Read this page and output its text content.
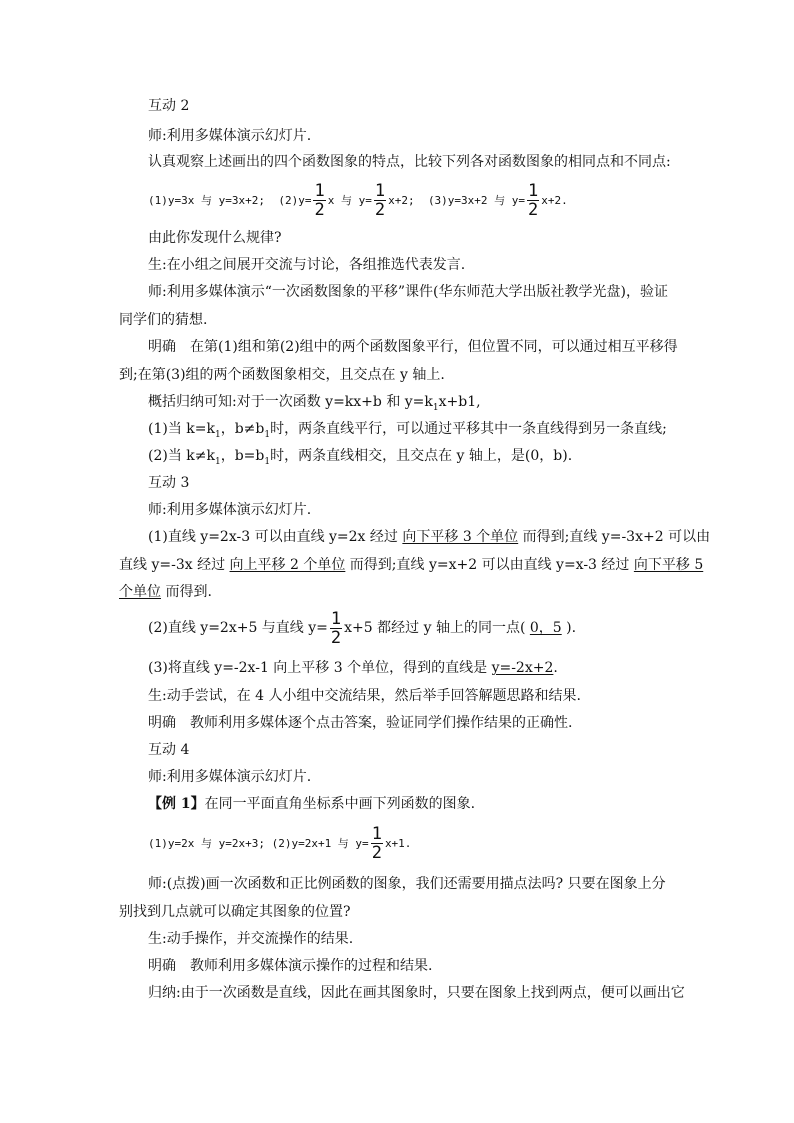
互动 2
师:利用多媒体演示幻灯片.
认真观察上述画出的四个函数图象的特点，比较下列各对函数图象的相同点和不同点:
(1)y=3x 与 y=3x+2; $(2)y= \frac{1}{2}$ x 与 $y= \frac{1}{2} x+2$; (3)y=3x+2 与 $y= \frac{1}{2} x+2$.
由此你发现什么规律?
生:在小组之间展开交流与讨论，各组推选代表发言.
师:利用多媒体演示“一次函数图象的平移”课件(华东师范大学出版社教学光盘)，验证
同学们的猜想.
明确　在第(1)组和第(2)组中的两个函数图象平行，但位置不同，可以通过相互平移得
到;在第(3)组的两个函数图象相交，且交点在 y 轴上.
概括归纳可知:对于一次函数 y=kx+b 和 $y=k_1x+b1$,
(1)当 $k=k_1$，$b\ne b_1$时，两条直线平行，可以通过平移其中一条直线得到另一条直线;
(2)当 $k\ne k_1$，$b=b_1$时，两条直线相交，且交点在 y 轴上，是(0，b).
互动 3
师:利用多媒体演示幻灯片.
(1)直线 y=2x-3 可以由直线 y=2x 经过 向下平移 3 个单位 而得到;直线 y=-3x+2 可以由
直线 y=-3x 经过 向上平移 2 个单位 而得到;直线 y=x+2 可以由直线 y=x-3 经过 向下平移 5
个单位 而得到.
(2)直线 y=2x+5 与直线 $y= \frac{1}{2} x+5$ 都经过 y 轴上的同一点( 0，5 ).
(3)将直线 y=-2x-1 向上平移 3 个单位，得到的直线是 y=-2x+2.
生:动手尝试，在 4 人小组中交流结果，然后举手回答解题思路和结果.
明确　教师利用多媒体逐个点击答案，验证同学们操作结果的正确性.
互动 4
师:利用多媒体演示幻灯片.
【例 1】在同一平面直角坐标系中画下列函数的图象.
(1)y=2x 与 y=2x+3; (2)y=2x+1 与 $y= \frac{1}{2} x+1$.
师:(点拨)画一次函数和正比例函数的图象，我们还需要用描点法吗? 只要在图象上分
别找到几点就可以确定其图象的位置?
生:动手操作，并交流操作的结果.
明确　教师利用多媒体演示操作的过程和结果.
归纳:由于一次函数是直线，因此在画其图象时，只要在图象上找到两点，便可以画出它
